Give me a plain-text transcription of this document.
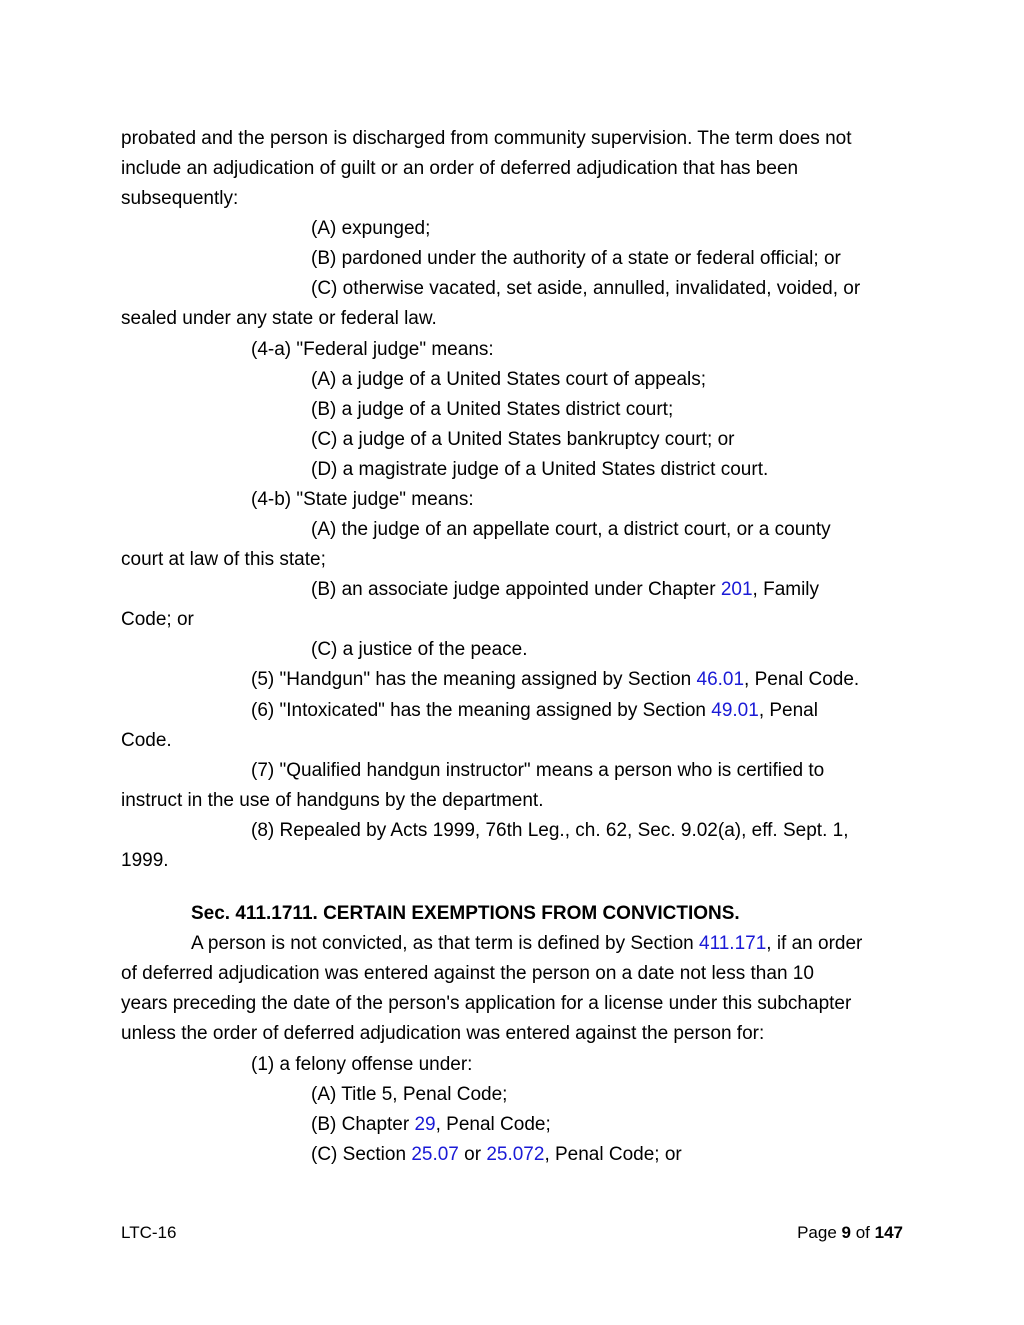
probated and the person is discharged from community supervision. The term does not
include an adjudication of guilt or an order of deferred adjudication that has been
subsequently:
(A) expunged;
(B) pardoned under the authority of a state or federal official; or
(C) otherwise vacated, set aside, annulled, invalidated, voided, or
sealed under any state or federal law.
(4-a) "Federal judge" means:
(A) a judge of a United States court of appeals;
(B) a judge of a United States district court;
(C) a judge of a United States bankruptcy court; or
(D) a magistrate judge of a United States district court.
(4-b) "State judge" means:
(A) the judge of an appellate court, a district court, or a county
court at law of this state;
(B) an associate judge appointed under Chapter 201, Family
Code; or
(C) a justice of the peace.
(5) "Handgun" has the meaning assigned by Section 46.01, Penal Code.
(6) "Intoxicated" has the meaning assigned by Section 49.01, Penal
Code.
(7) "Qualified handgun instructor" means a person who is certified to
instruct in the use of handguns by the department.
(8) Repealed by Acts 1999, 76th Leg., ch. 62, Sec. 9.02(a), eff. Sept. 1,
1999.
Sec. 411.1711. CERTAIN EXEMPTIONS FROM CONVICTIONS.
A person is not convicted, as that term is defined by Section 411.171, if an order
of deferred adjudication was entered against the person on a date not less than 10
years preceding the date of the person's application for a license under this subchapter
unless the order of deferred adjudication was entered against the person for:
(1) a felony offense under:
(A) Title 5, Penal Code;
(B) Chapter 29, Penal Code;
(C) Section 25.07 or 25.072, Penal Code; or
LTC-16	Page 9 of 147
